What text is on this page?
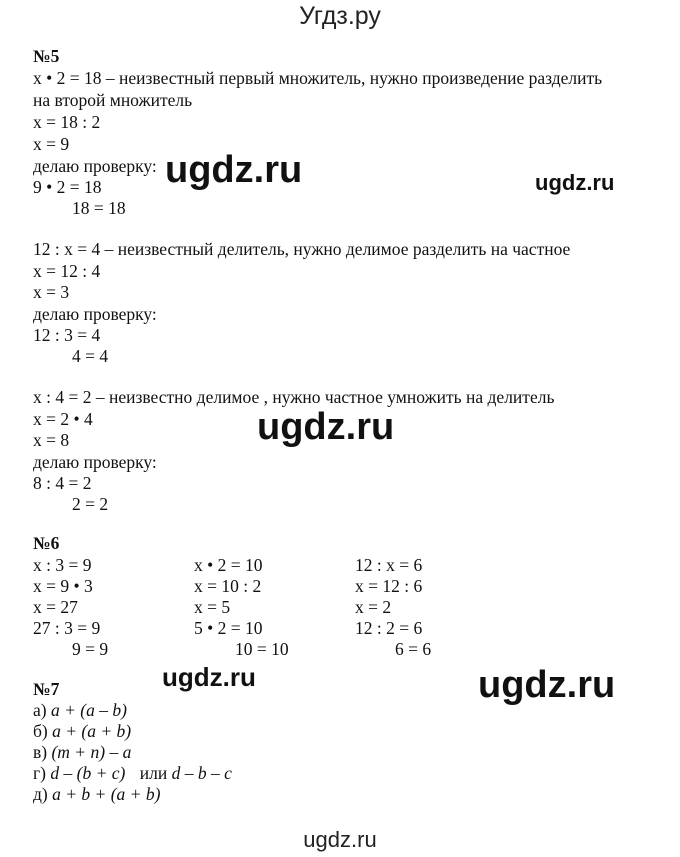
Угдз.ру
№5
x • 2 = 18 – неизвестный первый множитель, нужно произведение разделить
на второй множитель
x = 18 : 2
x = 9
делаю проверку:
9 • 2 = 18
18 = 18
12 : x = 4 – неизвестный делитель, нужно делимое разделить на частное
x = 12 : 4
x = 3
делаю проверку:
12 : 3 = 4
4 = 4
x : 4 = 2 – неизвестно делимое , нужно частное умножить на делитель
x = 2 • 4
x = 8
делаю проверку:
8 : 4 = 2
2 = 2
№6
x : 3 = 9
x = 9 • 3
x = 27
27 : 3 = 9
9 = 9
x • 2 = 10
x = 10 : 2
x = 5
5 • 2 = 10
10 = 10
12 : x = 6
x = 12 : 6
x = 2
12 : 2 = 6
6 = 6
№7
а) a + (a – b)
б) a + (a + b)
в) (m + n) – a
г) d – (b + c) или d – b – c
д) a + b + (a + b)
ugdz.ru	ugdz.ru
ugdz.ru
ugdz.ru	ugdz.ru
ugdz.ru
